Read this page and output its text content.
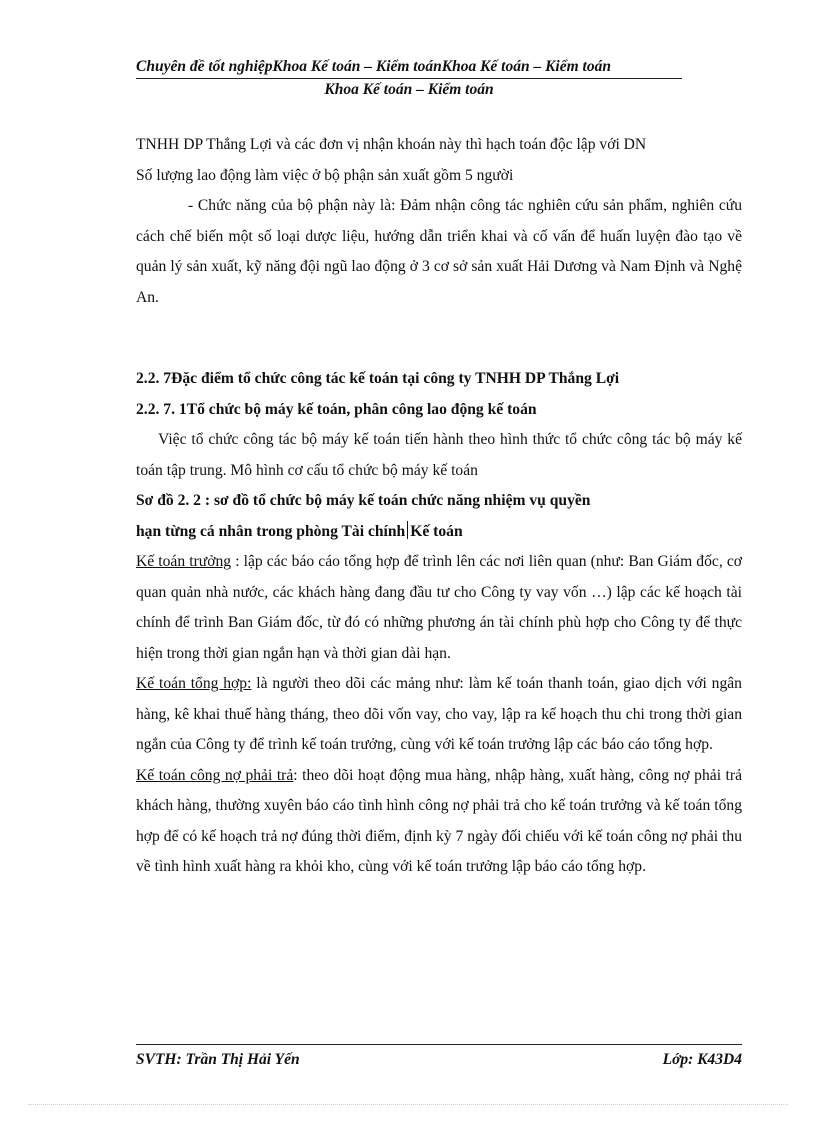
Chuyên đề tốt nghiệpKhoa Kế toán – Kiểm toánKhoa Kế toán – Kiểm toán
Khoa Kế toán – Kiểm toán

TNHH DP Thắng Lợi và các đơn vị nhận khoán này thì hạch toán độc lập với DN

Số lượng lao động làm việc ở bộ phận sản xuất gồm 5 người

- Chức năng của bộ phận này là: Đảm nhận công tác nghiên cứu sản phẩm, nghiên cứu cách chế biến một số loại dược liệu, hướng dẫn triển khai và cố vấn để huấn luyện đào tạo về quản lý sản xuất, kỹ năng đội ngũ lao động ở 3 cơ sở sản xuất Hải Dương và Nam Định và Nghệ An.

2.2. 7Đặc điểm tổ chức công tác kế toán tại công ty TNHH DP Thắng Lợi

2.2. 7. 1Tổ chức bộ máy kế toán, phân công lao động kế toán

Việc tổ chức công tác bộ máy kế toán tiến hành theo hình thức tổ chức công tác bộ máy kế toán tập trung. Mô hình cơ cấu tổ chức bộ máy kế toán

Sơ đồ 2. 2 : sơ đồ tổ chức bộ máy kế toán chức năng nhiệm vụ quyền

hạn từng cá nhân trong phòng Tài chính Kế toán

Kế toán trưởng : lập các báo cáo tổng hợp để trình lên các nơi liên quan (như: Ban Giám đốc, cơ quan quản nhà nước, các khách hàng đang đầu tư cho Công ty vay vốn …) lập các kế hoạch tài chính để trình Ban Giám đốc, từ đó có những phương án tài chính phù hợp cho Công ty để thực hiện trong thời gian ngắn hạn và thời gian dài hạn.

Kế toán tổng hợp: là người theo dõi các mảng như: làm kế toán thanh toán, giao dịch với ngân hàng, kê khai thuế hàng tháng, theo dõi vốn vay, cho vay, lập ra kế hoạch thu chi trong thời gian ngắn của Công ty để trình kế toán trưởng, cùng với kế toán trưởng lập các báo cáo tổng hợp.

Kế toán công nợ phải trả: theo dõi hoạt động mua hàng, nhập hàng, xuất hàng, công nợ phải trả khách hàng, thường xuyên báo cáo tình hình công nợ phải trả cho kế toán trưởng và kế toán tổng hợp để có kế hoạch trả nợ đúng thời điểm, định kỳ 7 ngày đối chiếu với kế toán công nợ phải thu về tình hình xuất hàng ra khỏi kho, cùng với kế toán trưởng lập báo cáo tổng hợp.

SVTH: Trần Thị Hải Yến	Lớp: K43D4
